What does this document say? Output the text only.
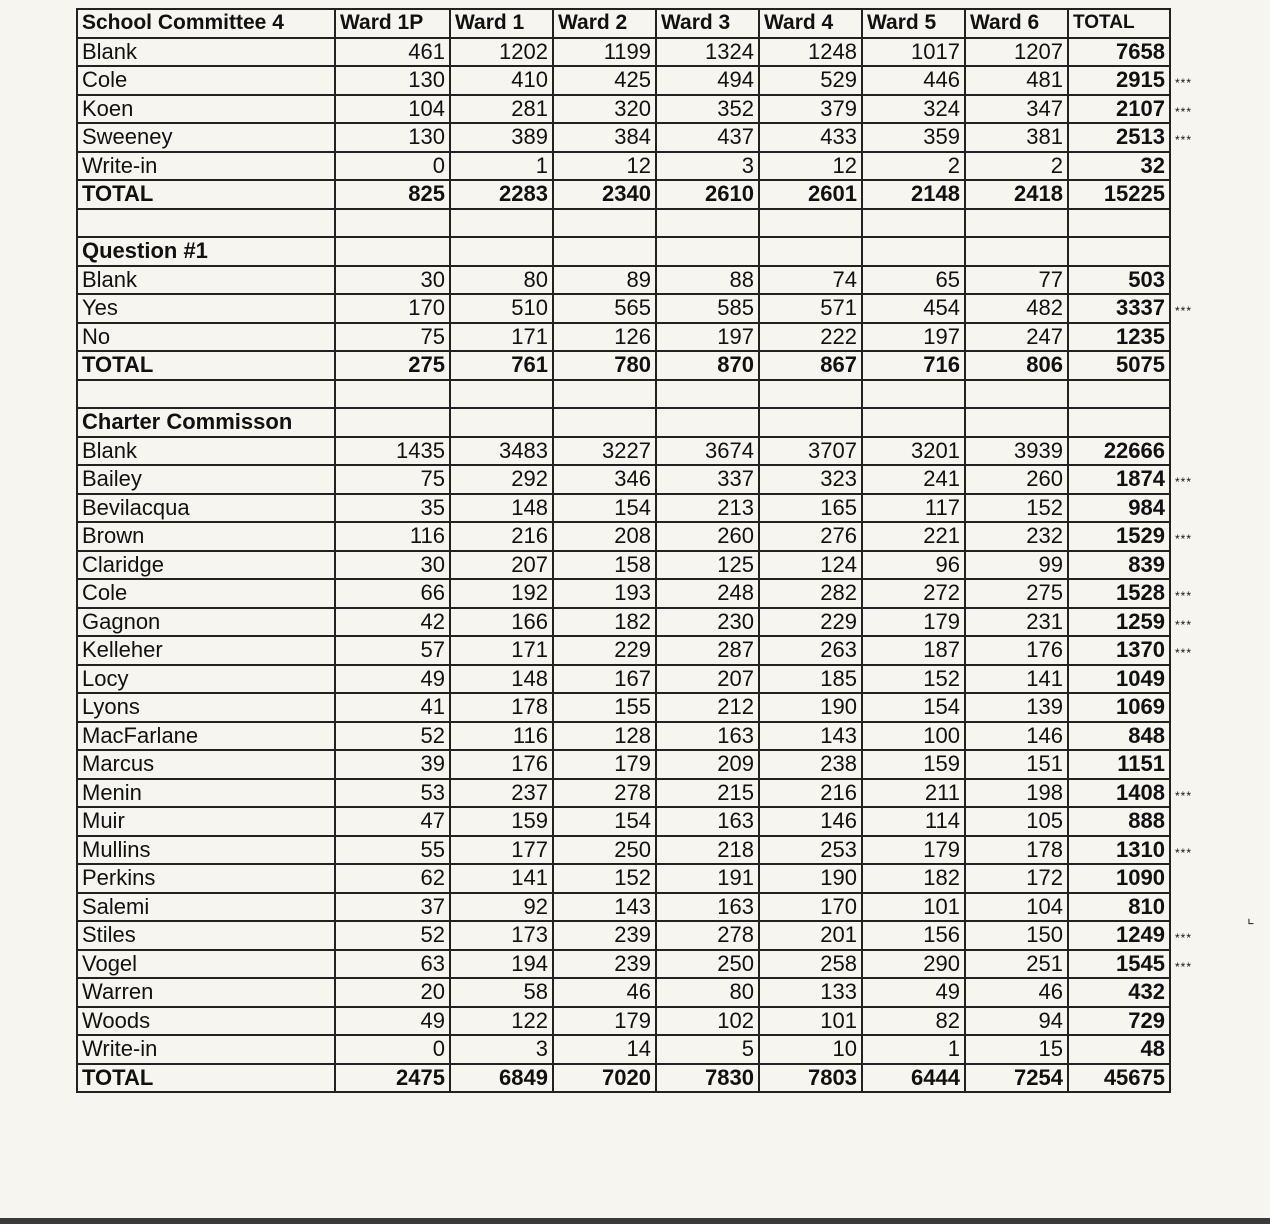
School Committee 4	Ward 1P	Ward 1	Ward 2	Ward 3	Ward 4	Ward 5	Ward 6	TOTAL
Blank	461	1202	1199	1324	1248	1017	1207	7658
Cole	130	410	425	494	529	446	481	2915 ***

Koen	104	281	320	352	379	324	347	2107 ***

Sweeney	130	389	384	437	433	359	381	2513 ***

Write-in	0	1	12	3	12	2	2	32
TOTAL	825	2283	2340	2610	2601	2148	2418	15225

Question #1								
Blank	30	80	89	88	74	65	77	503
Yes	170	510	565	585	571	454	482	3337 ***

No	75	171	126	197	222	197	247	1235
TOTAL	275	761	780	870	867	716	806	5075

Charter Commisson								
Blank	1435	3483	3227	3674	3707	3201	3939	22666
Bailey	75	292	346	337	323	241	260	1874 ***

Bevilacqua	35	148	154	213	165	117	152	984
Brown	116	216	208	260	276	221	232	1529 ***

Claridge	30	207	158	125	124	96	99	839
Cole	66	192	193	248	282	272	275	1528 ***

Gagnon	42	166	182	230	229	179	231	1259 ***

Kelleher	57	171	229	287	263	187	176	1370 ***

Locy	49	148	167	207	185	152	141	1049
Lyons	41	178	155	212	190	154	139	1069
MacFarlane	52	116	128	163	143	100	146	848
Marcus	39	176	179	209	238	159	151	1151
Menin	53	237	278	215	216	211	198	1408 ***

Muir	47	159	154	163	146	114	105	888
Mullins	55	177	250	218	253	179	178	1310 ***

Perkins	62	141	152	191	190	182	172	1090
Salemi	37	92	143	163	170	101	104	810
Stiles	52	173	239	278	201	156	150	1249 ***

Vogel	63	194	239	250	258	290	251	1545 ***

Warren	20	58	46	80	133	49	46	432
Woods	49	122	179	102	101	82	94	729
Write-in	0	3	14	5	10	1	15	48
TOTAL	2475	6849	7020	7830	7803	6444	7254	45675
⌞
